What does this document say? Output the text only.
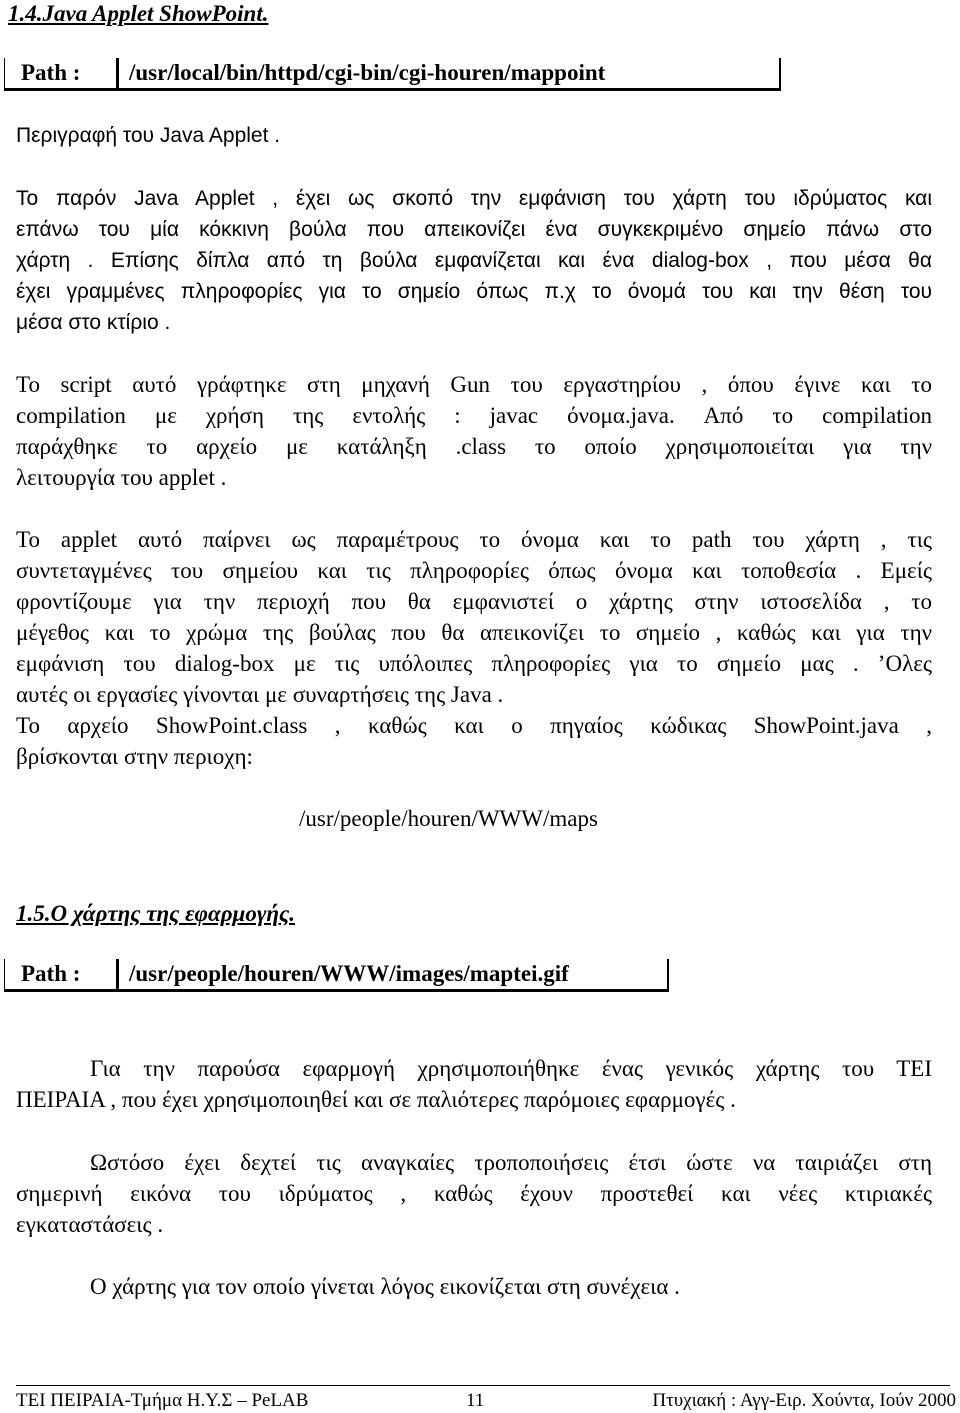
1.4.Java Applet ShowPoint.
Path :	/usr/local/bin/httpd/cgi-bin/cgi-houren/mappoint
Περιγραφή του Java Applet .
Το παρόν Java Applet , έχει ως σκοπό την εμφάνιση του χάρτη του ιδρύματος και
επάνω του μία κόκκινη βούλα που απεικονίζει ένα συγκεκριμένο σημείο πάνω στο
χάρτη . Επίσης δίπλα από τη βούλα εμφανίζεται και ένα dialog-box , που μέσα θα
έχει γραμμένες πληροφορίες για το σημείο όπως π.χ το όνομά του και την θέση του
μέσα στο κτίριο .
Το script αυτό γράφτηκε στη μηχανή Gun του εργαστηρίου , όπου έγινε και το
compilation με χρήση της εντολής : javac όνομα.java. Από το compilation
παράχθηκε το αρχείο με κατάληξη .class το οποίο χρησιμοποιείται για την
λειτουργία του applet .
Το applet αυτό παίρνει ως παραμέτρους το όνομα και το path του χάρτη , τις
συντεταγμένες του σημείου και τις πληροφορίες όπως όνομα και τοποθεσία . Εμείς
φροντίζουμε για την περιοχή που θα εμφανιστεί ο χάρτης στην ιστοσελίδα , το
μέγεθος και το χρώμα της βούλας που θα απεικονίζει το σημείο , καθώς και για την
εμφάνιση του dialog-box με τις υπόλοιπες πληροφορίες για το σημείο μας . ’Ολες
αυτές οι εργασίες γίνονται με συναρτήσεις της Java .
Το αρχείο ShowPoint.class , καθώς και ο πηγαίος κώδικας ShowPoint.java ,
βρίσκονται στην περιοχη:
/usr/people/houren/WWW/maps
1.5.Ο χάρτης της εφαρμογής.
Path :	/usr/people/houren/WWW/images/maptei.gif
Για την παρούσα εφαρμογή χρησιμοποιήθηκε ένας γενικός χάρτης του ΤΕΙ
ΠΕΙΡΑΙΑ , που έχει χρησιμοποιηθεί και σε παλιότερες παρόμοιες εφαρμογές .
Ωστόσο έχει δεχτεί τις αναγκαίες τροποποιήσεις έτσι ώστε να ταιριάζει στη
σημερινή εικόνα του ιδρύματος , καθώς έχουν προστεθεί και νέες κτιριακές
εγκαταστάσεις .
Ο χάρτης για τον οποίο γίνεται λόγος εικονίζεται στη συνέχεια .
ΤΕΙ ΠΕΙΡΑΙΑ-Τμήμα Η.Υ.Σ – PeLAB	11	Πτυχιακή : Αγγ-Ειρ. Χούντα, Ιούν 2000
